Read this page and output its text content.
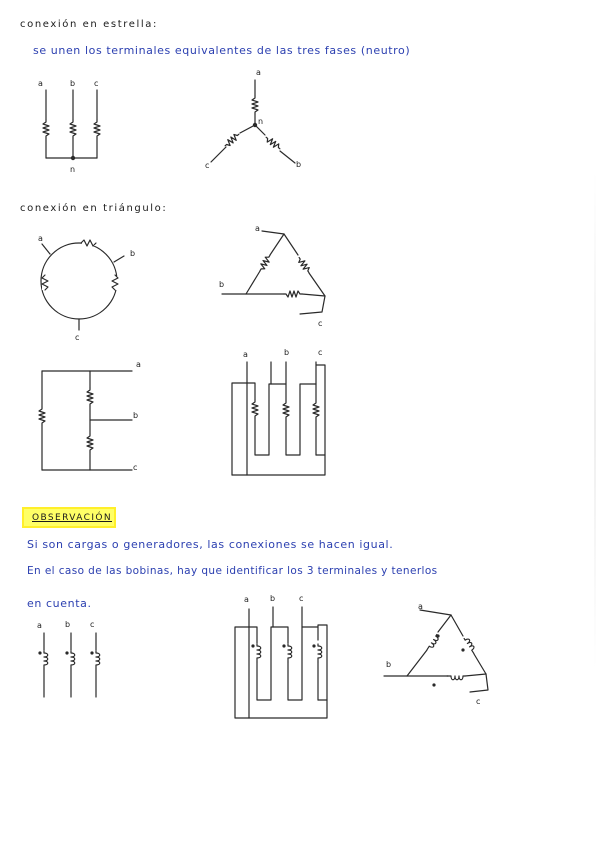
conexión en estrella:
se unen los terminales equivalentes de las tres fases (neutro)
conexión en triángulo:
OBSERVACIÓN
Si son cargas o generadores, las conexiones se hacen igual.
En el caso de las bobinas, hay que identificar los 3 terminales y tenerlos
en cuenta.
a	b c
n
a
n
c	b
a
b
c
a
b
c
a
b
c
a	b	c
a	b c
a	b	c
a
b
c
